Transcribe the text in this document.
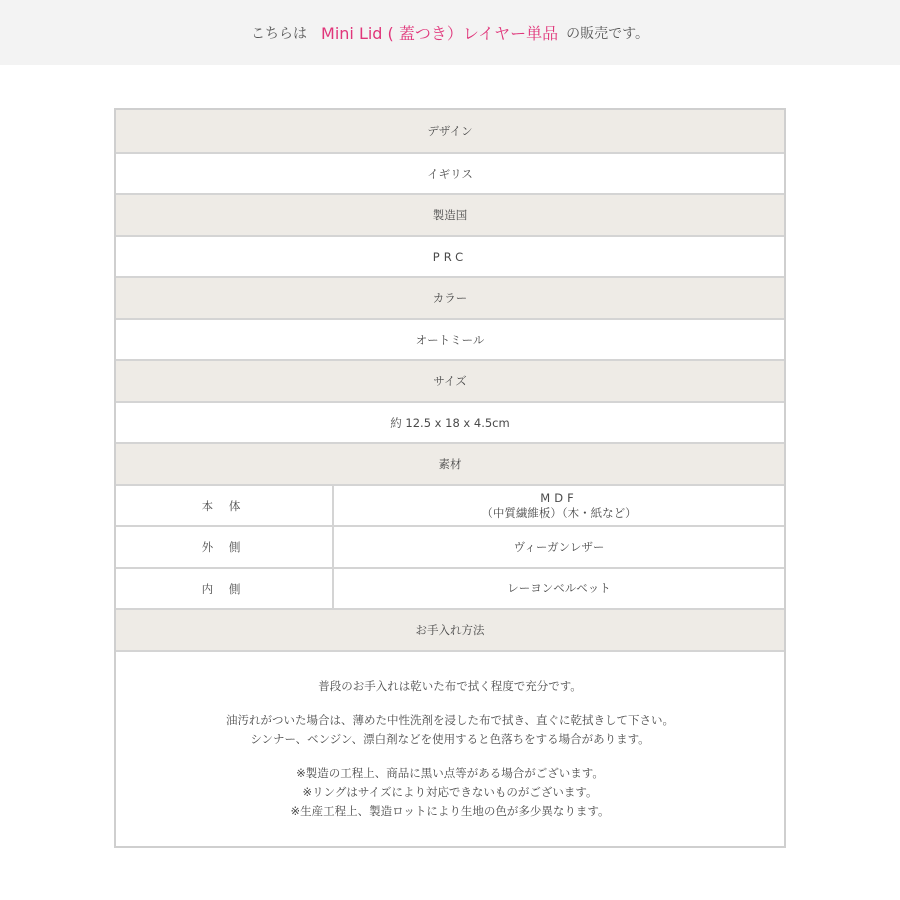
こちらは Mini Lid ( 蓋つき）レイヤー単品 の販売です。
デザイン
イギリス
製造国
PRC
カラー
オートミール
サイズ
約 12.5 x 18 x 4.5cm
素材
本 体
MDF
（中質繊維板）（木・紙など）
外 側	ヴィーガンレザー
内 側	レーヨンベルベット
お手入れ方法

普段のお手入れは乾いた布で拭く程度で充分です。

油汚れがついた場合は、薄めた中性洗剤を浸した布で拭き、直ぐに乾拭きして下さい。

シンナー、ベンジン、漂白剤などを使用すると色落ちをする場合があります。

※製造の工程上、商品に黒い点等がある場合がございます。

※リングはサイズにより対応できないものがございます。

※生産工程上、製造ロットにより生地の色が多少異なります。
